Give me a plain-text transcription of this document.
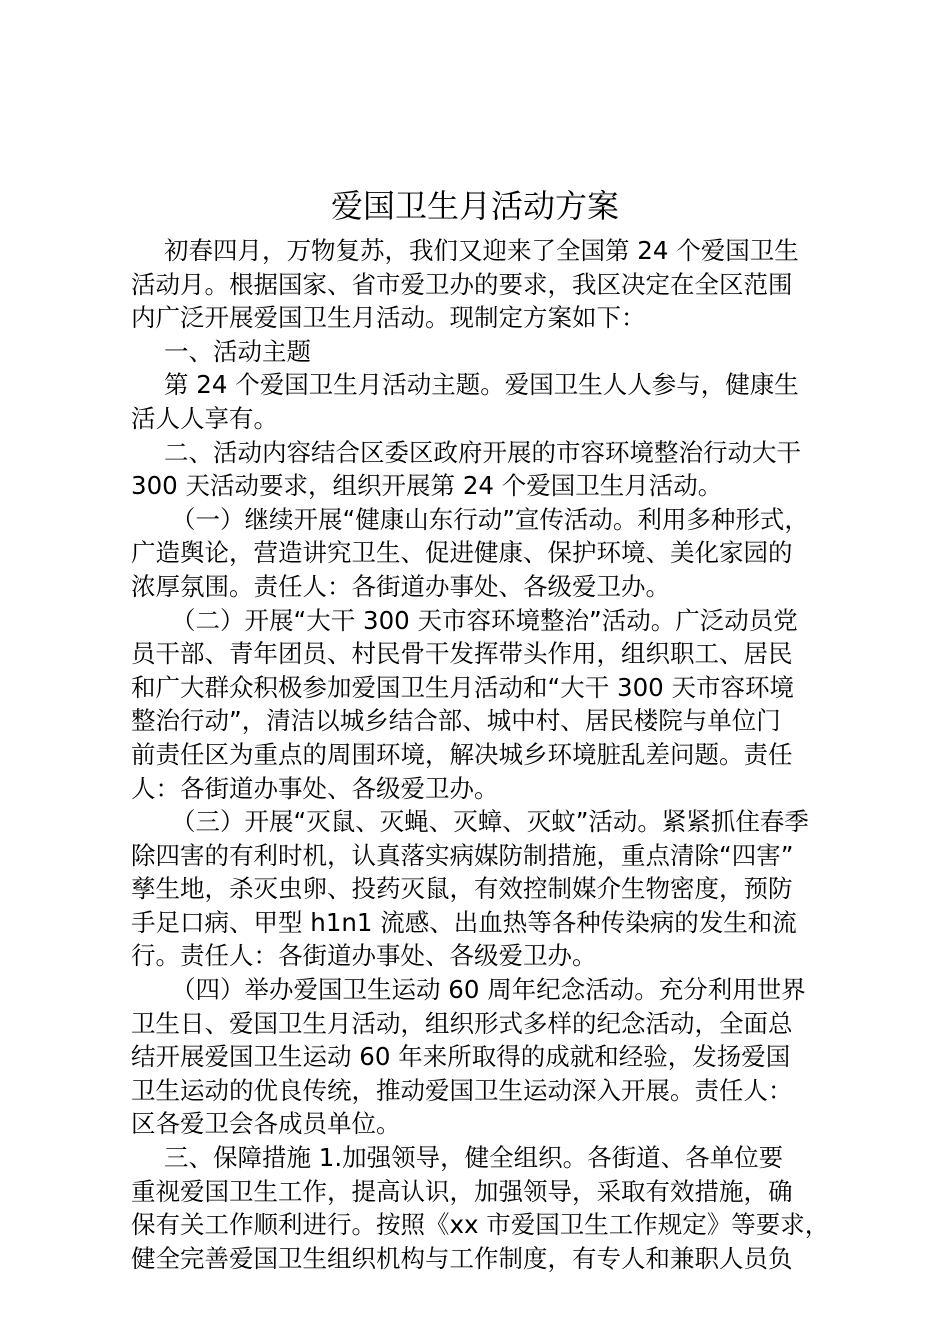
爱国卫生月活动方案
初春四月，万物复苏，我们又迎来了全国第 24 个爱国卫生
活动月。根据国家、省市爱卫办的要求，我区决定在全区范围
内广泛开展爱国卫生月活动。现制定方案如下：
一、活动主题
第 24 个爱国卫生月活动主题。爱国卫生人人参与，健康生
活人人享有。
二、活动内容结合区委区政府开展的市容环境整治行动大干
300 天活动要求，组织开展第 24 个爱国卫生月活动。
（一）继续开展“健康山东行动”宣传活动。利用多种形式，
广造舆论，营造讲究卫生、促进健康、保护环境、美化家园的
浓厚氛围。责任人：各街道办事处、各级爱卫办。
（二）开展“大干 300 天市容环境整治”活动。广泛动员党
员干部、青年团员、村民骨干发挥带头作用，组织职工、居民
和广大群众积极参加爱国卫生月活动和“大干 300 天市容环境
整治行动”，清洁以城乡结合部、城中村、居民楼院与单位门
前责任区为重点的周围环境，解决城乡环境脏乱差问题。责任
人：各街道办事处、各级爱卫办。
（三）开展“灭鼠、灭蝇、灭蟑、灭蚊”活动。紧紧抓住春季
除四害的有利时机，认真落实病媒防制措施，重点清除“四害”
孳生地，杀灭虫卵、投药灭鼠，有效控制媒介生物密度，预防
手足口病、甲型 h1n1 流感、出血热等各种传染病的发生和流
行。责任人：各街道办事处、各级爱卫办。
（四）举办爱国卫生运动 60 周年纪念活动。充分利用世界
卫生日、爱国卫生月活动，组织形式多样的纪念活动，全面总
结开展爱国卫生运动 60 年来所取得的成就和经验，发扬爱国
卫生运动的优良传统，推动爱国卫生运动深入开展。责任人：
区各爱卫会各成员单位。
三、保障措施 1.加强领导，健全组织。各街道、各单位要
重视爱国卫生工作，提高认识，加强领导，采取有效措施，确
保有关工作顺利进行。按照《xx 市爱国卫生工作规定》等要求，
健全完善爱国卫生组织机构与工作制度，有专人和兼职人员负
